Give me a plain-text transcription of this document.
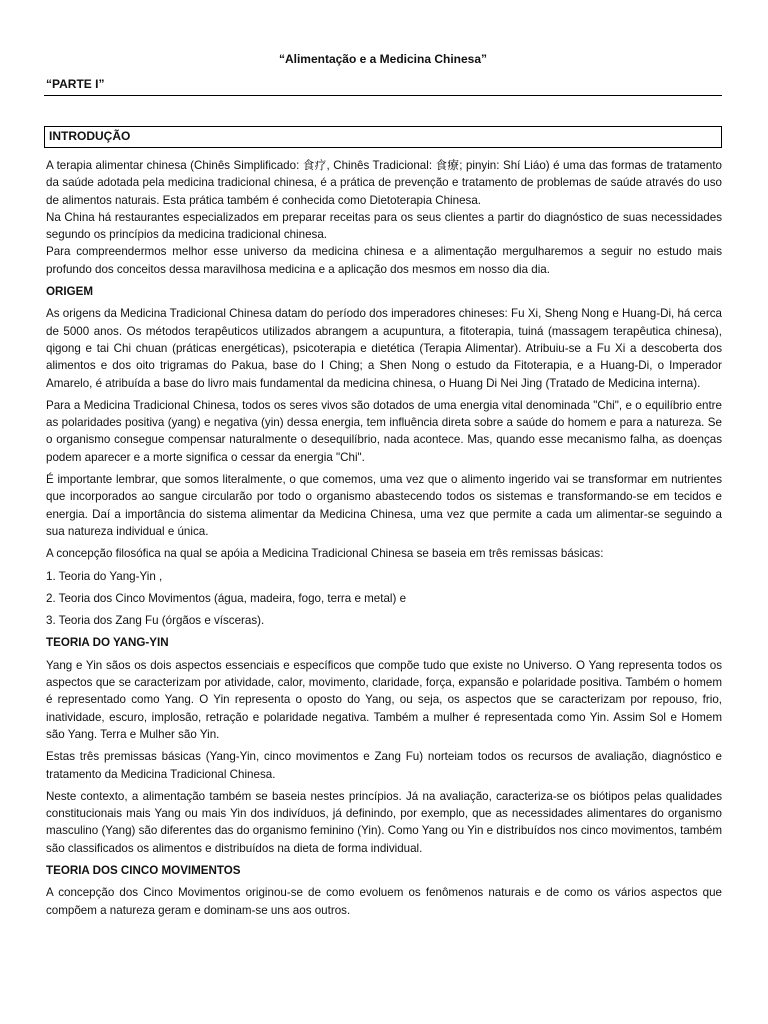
“Alimentação e a Medicina Chinesa”
“PARTE I”
INTRODUÇÃO

A terapia alimentar chinesa (Chinês Simplificado: 食疗, Chinês Tradicional: 食療; pinyin: Shí Liáo) é uma das formas de tratamento da saúde adotada pela medicina tradicional chinesa, é a prática de prevenção e tratamento de problemas de saúde através do uso de alimentos naturais. Esta prática também é conhecida como Dietoterapia Chinesa.

Na China há restaurantes especializados em preparar receitas para os seus clientes a partir do diagnóstico de suas necessidades segundo os princípios da medicina tradicional chinesa.

Para compreendermos melhor esse universo da medicina chinesa e a alimentação mergulharemos a seguir no estudo mais profundo dos conceitos dessa maravilhosa medicina e a aplicação dos mesmos em nosso dia dia.

ORIGEM

As origens da Medicina Tradicional Chinesa datam do período dos imperadores chineses: Fu Xi, Sheng Nong e Huang-Di, há cerca de 5000 anos. Os métodos terapêuticos utilizados abrangem a acupuntura, a fitoterapia, tuiná (massagem terapêutica chinesa), qigong e tai Chi chuan (práticas energéticas), psicoterapia e dietética (Terapia Alimentar). Atribuiu-se a Fu Xi a descoberta dos alimentos e dos oito trigramas do Pakua, base do I Ching; a Shen Nong o estudo da Fitoterapia, e a Huang-Di, o Imperador Amarelo, é atribuída a base do livro mais fundamental da medicina chinesa, o Huang Di Nei Jing (Tratado de Medicina interna).

Para a Medicina Tradicional Chinesa, todos os seres vivos são dotados de uma energia vital denominada "Chi", e o equilíbrio entre as polaridades positiva (yang) e negativa (yin) dessa energia, tem influência direta sobre a saúde do homem e para a natureza. Se o organismo consegue compensar naturalmente o desequilíbrio, nada acontece. Mas, quando esse mecanismo falha, as doenças podem aparecer e a morte significa o cessar da energia "Chi".

É importante lembrar, que somos literalmente, o que comemos, uma vez que o alimento ingerido vai se transformar em nutrientes que incorporados ao sangue circularão por todo o organismo abastecendo todos os sistemas e transformando-se em tecidos e energia. Daí a importância do sistema alimentar da Medicina Chinesa, uma vez que permite a cada um alimentar-se seguindo a sua natureza individual e única.

A concepção filosófica na qual se apóia a Medicina Tradicional Chinesa se baseia em três remissas básicas:

1. Teoria do Yang-Yin ,
2. Teoria dos Cinco Movimentos (água, madeira, fogo, terra e metal) e
3. Teoria dos Zang Fu (órgãos e vísceras).
TEORIA DO YANG-YIN

Yang e Yin sãos os dois aspectos essenciais e específicos que compõe tudo que existe no Universo. O Yang representa todos os aspectos que se caracterizam por atividade, calor, movimento, claridade, força, expansão e polaridade positiva. Também o homem é representado como Yang. O Yin representa o oposto do Yang, ou seja, os aspectos que se caracterizam por repouso, frio, inatividade, escuro, implosão, retração e polaridade negativa. Também a mulher é representada como Yin. Assim Sol e Homem são Yang. Terra e Mulher são Yin.

Estas três premissas básicas (Yang-Yin, cinco movimentos e Zang Fu) norteiam todos os recursos de avaliação, diagnóstico e tratamento da Medicina Tradicional Chinesa.

Neste contexto, a alimentação também se baseia nestes princípios. Já na avaliação, caracteriza-se os biótipos pelas qualidades constitucionais mais Yang ou mais Yin dos indivíduos, já definindo, por exemplo, que as necessidades alimentares do organismo masculino (Yang) são diferentes das do organismo feminino (Yin). Como Yang ou Yin e distribuídos nos cinco movimentos, também são classificados os alimentos e distribuídos na dieta de forma individual.

TEORIA DOS CINCO MOVIMENTOS

A concepção dos Cinco Movimentos originou-se de como evoluem os fenômenos naturais e de como os vários aspectos que compõem a natureza geram e dominam-se uns aos outros.
